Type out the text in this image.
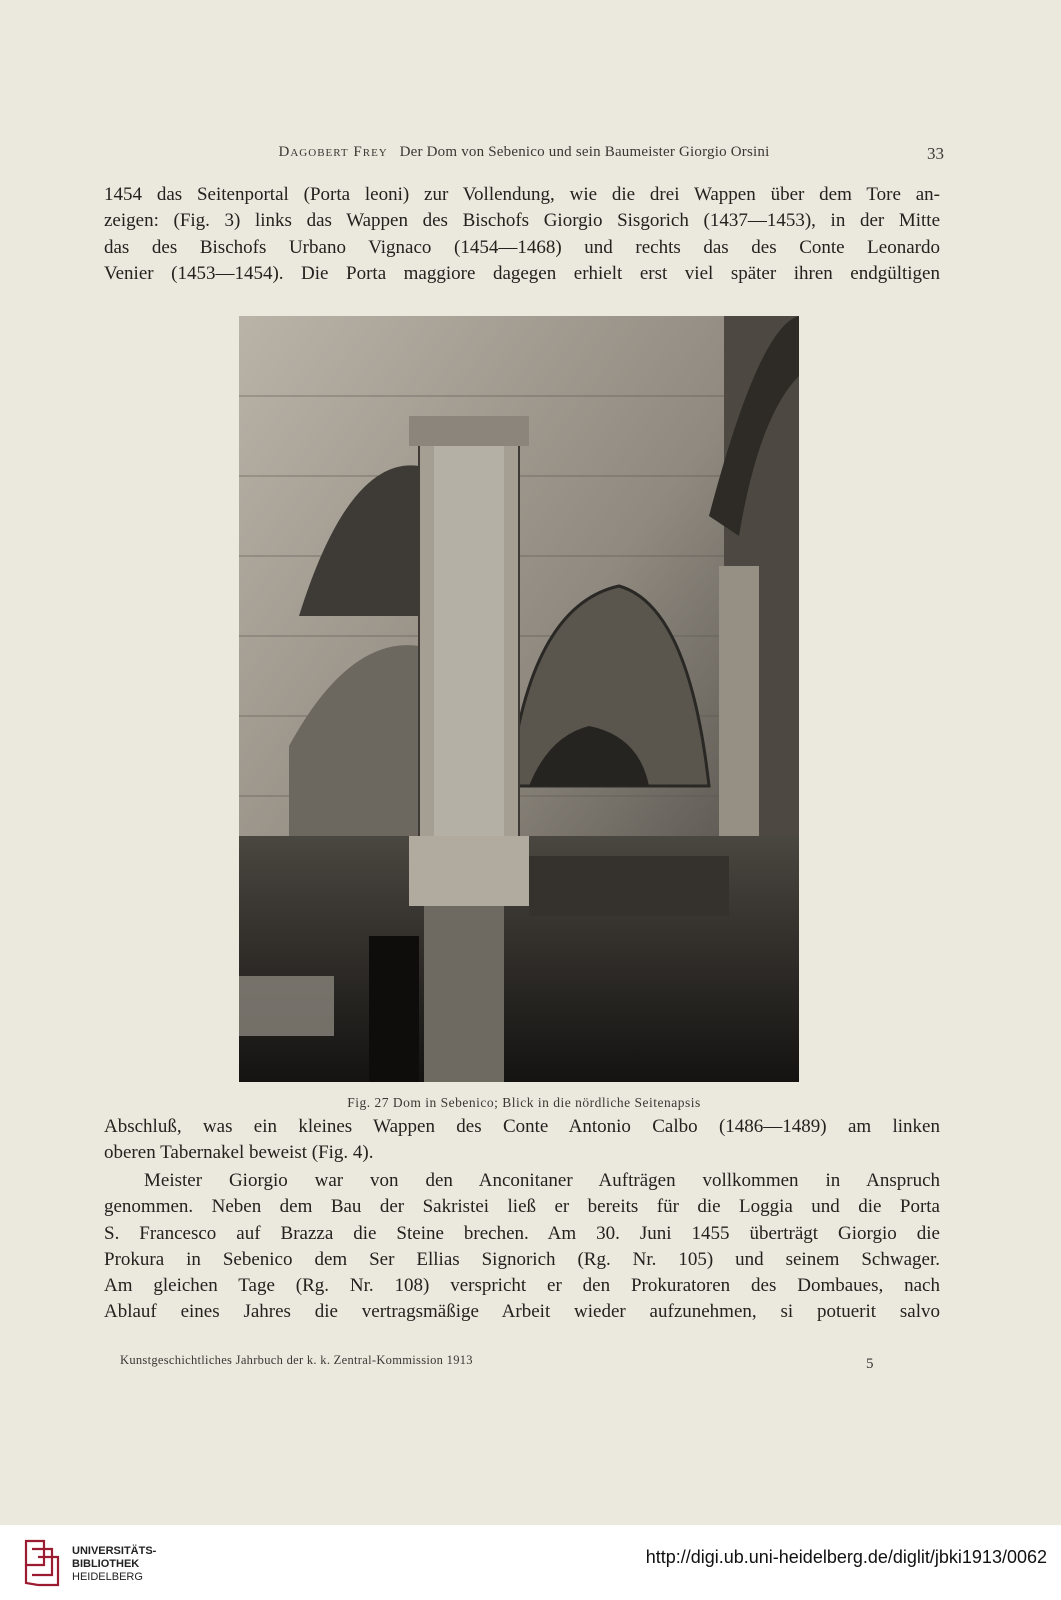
Dagobert Frey Der Dom von Sebenico und sein Baumeister Giorgio Orsini	33
1454 das Seitenportal (Porta leoni) zur Vollendung, wie die drei Wappen über dem Tore an-
zeigen: (Fig. 3) links das Wappen des Bischofs Giorgio Sisgorich (1437—1453), in der Mitte
das des Bischofs Urbano Vignaco (1454—1468) und rechts das des Conte Leonardo
Venier (1453—1454). Die Porta maggiore dagegen erhielt erst viel später ihren endgültigen
Fig. 27 Dom in Sebenico; Blick in die nördliche Seitenapsis
Abschluß, was ein kleines Wappen des Conte Antonio Calbo (1486—1489) am linken
oberen Tabernakel beweist (Fig. 4).
Meister Giorgio war von den Anconitaner Aufträgen vollkommen in Anspruch
genommen. Neben dem Bau der Sakristei ließ er bereits für die Loggia und die Porta
S. Francesco auf Brazza die Steine brechen. Am 30. Juni 1455 überträgt Giorgio die
Prokura in Sebenico dem Ser Ellias Signorich (Rg. Nr. 105) und seinem Schwager.
Am gleichen Tage (Rg. Nr. 108) verspricht er den Prokuratoren des Dombaues, nach
Ablauf eines Jahres die vertragsmäßige Arbeit wieder aufzunehmen, si potuerit salvo
Kunstgeschichtliches Jahrbuch der k. k. Zentral-Kommission 1913	5
UNIVERSITÄTS-
BIBLIOTHEK
HEIDELBERG
http://digi.ub.uni-heidelberg.de/diglit/jbki1913/0062
